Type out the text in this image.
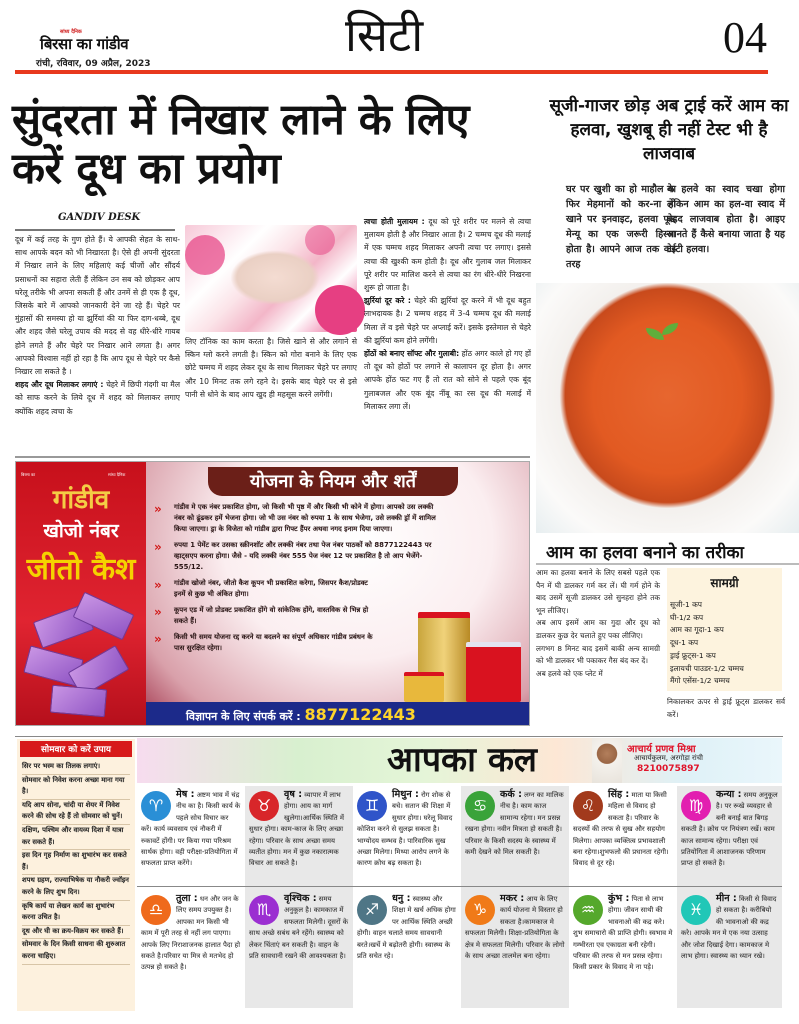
सांध्य दैनिक
बिरसा का गांडीव
रांची, रविवार, 09 अप्रैल, 2023
सिटी	04
सुंदरता में निखार लाने के लिए करें दूध का प्रयोग
GANDIV DESK

दूध में कई तरह के गुण होते हैं। ये आपकी सेहत के साथ-साथ आपके बदन को भी निखारता है। ऐसे ही अपनी सुंदरता में निखार लाने के लिए महिलाएं कई चीजों और सौंदर्य प्रसाधनों का सहारा लेती हैं लेकिन उन सब को छोड़कर आप घरेलू तरीके भी अपना सकती हैं और उनमें से ही एक है दूध, जिसके बारे में आपको जानकारी देने जा रहे हैं। चेहरे पर मुंहासों की समस्या हो या झुर्रियां की या फिर दाग-धब्बे, दूध और शहद जैसे घरेलू उपाय की मदद से वह धीरे-धीरे गायब होने लगते हैं और चेहरे पर निखार आने लगता है। अगर आपको विश्वास नहीं हो रहा है कि आप दूध से चेहरे पर कैसे निखार ला सकते है ।

शहद और दूध मिलाकर लगाएं : चेहरे में छिपी गंदगी या मैल को साफ करने के लिये दूध में शहद को मिलाकर लगाए क्योंकि शहद त्वचा के

लिए टॉनिक का काम करता है। जिसे खाने से और लगाने से स्किन ग्लो करने लगती है। स्किन को गोरा बनाने के लिए एक छोटे चम्मच में शहद लेकर दूध के साथ मिलाकर चेहरे पर लगाए और 10 मिनट तक लगे रहने दे। इसके बाद चेहरे पर से इसे पानी से धोने के बाद आप खुद ही महसूस करने लगेंगी।

त्वचा होती मुलायम : दूध को पूरे शरीर पर मलने से त्वचा मुलायम होती है और निखार आता है। 2 चम्मच दूध की मलाई में एक चम्मच शहद मिलाकर अपनी त्वचा पर लगाए। इससे त्वचा की खुश्की कम होती है। दूध और गुलाब जल मिलाकर पूरे शरीर पर मालिश करने से त्वचा का रंग धीरे-धीरे निखरना शुरू हो जाता है।

झुर्रियां दूर करे : चेहरे की झुर्रियां दूर करने में भी दूध बहुत लाभदायक है। 2 चम्मच शहद में 3-4 चम्मच दूध की मलाई मिला लें व इसे चेहरे पर अप्लाई करें। इसके इस्तेमाल से चेहरे की झुर्रियां कम होने लगेंगी।

होंठों को बनाए सॉफ्ट और गुलाबी: होंठ अगर काले हो गए हों तो दूध को होठों पर लगाने से कालापन दूर होता है। अगर आपके होंठ फट गए हैं तो रात को सोने से पहले एक बूंद गुलाबजल और एक बूंद नींबू का रस दूध की मलाई में मिलाकर लगा लें।

सूजी-गाजर छोड़ अब ट्राई करें आम का हलवा, खुशबू ही नहीं टेस्ट भी है लाजवाब
घर पर खुशी का हो माहौल या फिर मेहमानों को कर-ना हो खाने पर इनवाइट, हलवा फूड मेन्यू का एक जरूरी हिस्सा होता है। आपने आज तक कई तरह
के हलवे का स्वाद चखा होगा लेकिन आम का हल-वा स्वाद में बेहद लाजवाब होता है। आइए जानते हैं कैसे बनाया जाता है यह टेस्टी हलवा।
आम का हलवा बनाने का तरीका

आम का हलवा बनाने के लिए सबसे पहले एक पैन में घी डालकर गर्म कर लें। घी गर्म होने के बाद उसमें सूजी डालकर उसे सुनहरा होने तक भून लीजिए।

अब आप इसमें आम का गुदा और दूध को डालकर कुछ देर चलाते हुए पका लीजिए।

लगभग 8 मिनट बाद इसमें बाकी अन्य सामग्री को भी डालकर भी पकाकर गैस बंद कर दें।

अब हलवे को एक प्लेट में

सामग्री
सूजी-1 कप
घी-1/2 कप
आम का गूदा-1 कप
दूध-1 कप
ड्राई फ्रूट्स-1 कप
इलायची पाउडर-1/2 चम्मच
मैंगो एसेंस-1/2 चम्मच
निकालकर ऊपर से ड्राई फ्रूट्स डालकर सर्व करें।
बिरसा का	सांध्य दैनिक
गांडीव
खोजो नंबर
जीतो कैश
योजना के नियम और शर्तें
» गांडीव मे एक नंबर प्रकाशित होगा, जो किसी भी पृष्ठ में और किसी भी कोने में होगा। आपको उस लक्की नंबर को ढूंढकर हमें भेजना होगा। जो भी उस नंबर को रुपया 1 के साथ भेजेगा, उसे लक्की ड्रॉ में शामिल किया जाएगा। ड्रा के विजेता को गांडीव द्वारा गिफ्ट हैंपर अथवा नगद इनाम दिया जाएगा।
» रुपया 1 पेमेंट कर उसका स्क्रीनशॉट और लक्की नंबर तथा पेज नंबर पाठकों को 8877122443 पर व्हाट्सएप करना होगा। जैसे - यदि लक्की नंबर 555 पेज नंबर 12 पर प्रकाशित है तो आप भेजेंगे- 555/12.
» गांडीव खोजो नंबर, जीतो कैश कूपन भी प्रकाशित करेगा, जिसपर कैश/प्रोडक्ट इनमें से कुछ भी अंकित होगा।
» कूपन एड में जो प्रोडक्ट प्रकाशित होंगे वो सांकेतिक होंगे, वास्तविक से भिन्न हो सकते हैं।
» किसी भी समय योजना रद्द करने या बदलने का संपूर्ण अधिकार गांडीव प्रबंधन के पास सुरक्षित रहेगा।
विज्ञापन के लिए संपर्क करें : 8877122443
सोमवार को करें उपाय
सिर पर भस्म का तिलक लगाएं।
सोमवार को निवेश करना अच्छा माना गया है।
यदि आप सोना, चांदी या शेयर में निवेश करने की सोच रहे हैं तो सोमवार को चुनें।
दक्षिण, पश्चिम और वायव्य दिशा में यात्रा कर सकते हैं।
इस दिन गृह निर्माण का शुभारंभ कर सकते हैं।
शपथ ग्रहण, राज्याभिषेक या नौकरी ज्वॉइन करने के लिए शुभ दिन।
कृषि कार्य या लेखन कार्य का शुभारंभ करना उचित है।
दूध और घी का क्रय-विक्रय कर सकते हैं।
सोमवार के दिन किसी साधना की शुरुआत करना चाहिए।
आपका कल	आचार्य प्रणव मिश्रा
आचार्यकुलम, अरगोड़ा रांची
8210075897
♈
मेष : अष्टम भाव में चंद्र नीच का है। किसी कार्य के पहले सोच विचार कर करें। कार्य व्यवसाय एवं नौकरी में रुकावटें होंगी। पर किया गया परिश्रम सार्थक होगा। वही परीक्षा-प्रतियोगिता में सफलता प्राप्त करेंगे।
♉
वृष : व्यापार में लाभ होगा। आय का मार्ग खुलेगा।आर्थिक स्थिति में सुधार होगा। काम-काज के लिए अच्छा रहेगा। परिवार के साथ अच्छा समय व्यतीत होगा। मन में कुछ नकारात्मक विचार आ सकते है।
♊
मिथुन : रोग शोक से बचे। सतान की शिक्षा में सुधार होगा। घरेलू विवाद कोशिश करने से सुलझ सकता है। भाग्योदय सम्भव है। पारिवारिक सुख अच्छा मिलेगा। मिथ्या आरोप लगने के कारण क्रोध बढ़ सकता है।
♋
कर्क : लग्न का मालिक नीच है। काम काज सामान्य रहेगा। मन प्रसन्न रखना होगा। नवीन मित्रता हो सकती है। परिवार के किसी सदस्य के स्वास्थ्य में कमी देखने को मिल सकती है।
♌
सिंह : माता या किसी महिला से विवाद हो सकता है। परिवार के सदस्यों की तरफ से सुख और सहयोग मिलेगा। आपका व्यक्तित्व प्रभावशाली बना रहेगा।शुभफलो की प्रधानता रहेगी। विवाद से दूर रहे।
♍
कन्या : समय अनुकूल है। पर रूखे व्यवहार से बनी बनाई बात बिगड़ सकती है। क्रोध पर नियंत्रण रखें। काम काज सामान्य रहेगा। परीक्षा एवं प्रतियोगिता में आशाजनक परिणाम प्राप्त हो सकते है।
♎
तुला : धन और जन के लिए समय उपयुक्त है। आपका मन किसी भी काम में पूरी तरह से नहीं लग पाएगा। आपके लिए निराशाजनक हालात पैदा हो सकते है।परिवार या मित्र से मतभेद हो उत्पन्न हो सकते है।
♏
वृश्चिक : समय अनुकूल है। कामकाज में सफलता मिलेगी। दूसरों के साथ अच्छे सबंध बने रहेंगे। स्वास्थ्य को लेकर चिंताएं बन सकती है। वाहन के प्रति सावधानी रखने की आवश्यकता है।
♐
धनु : स्वास्थ्य और शिक्षा मे खर्च अधिक होगा पर आर्थिक स्थिति अच्छी होगी। वाहन चलाते समय सावधानी बरते।खर्चे मे बढ़ोतरी होगी। स्वास्थ्य के प्रति सचेत रहे।
♑
मकर : आय के लिए कार्य योजना मे विस्तार हो सकता है।कामकाज मे सफलता मिलेगी। शिक्षा-प्रतियोगिता के क्षेत्र मे सफलता मिलेगी। परिवार के लोगो के साथ अच्छा तालमेल बना रहेगा।
♒
कुंभ : पिता से लाभ होगा। जीवन साथी की भावनाओ की कद्र करे। शुभ समाचारो की प्राप्ति होगी। स्वभाव मे गम्भीरता एव एकाग्रता बनी रहेगी। परिवार की तरफ से मन प्रसन्न रहेगा। किसी प्रकार के विवाद मे ना पड़े।
♓
मीन : किसी से विवाद हो सकता है। करीबियो की भावनाओ की कद्र करे। आपके मन मे एक नया उत्साह और जोश दिखाई देगा। कामकाज मे लाभ होगा। स्वास्थ्य का ध्यान रखे।
